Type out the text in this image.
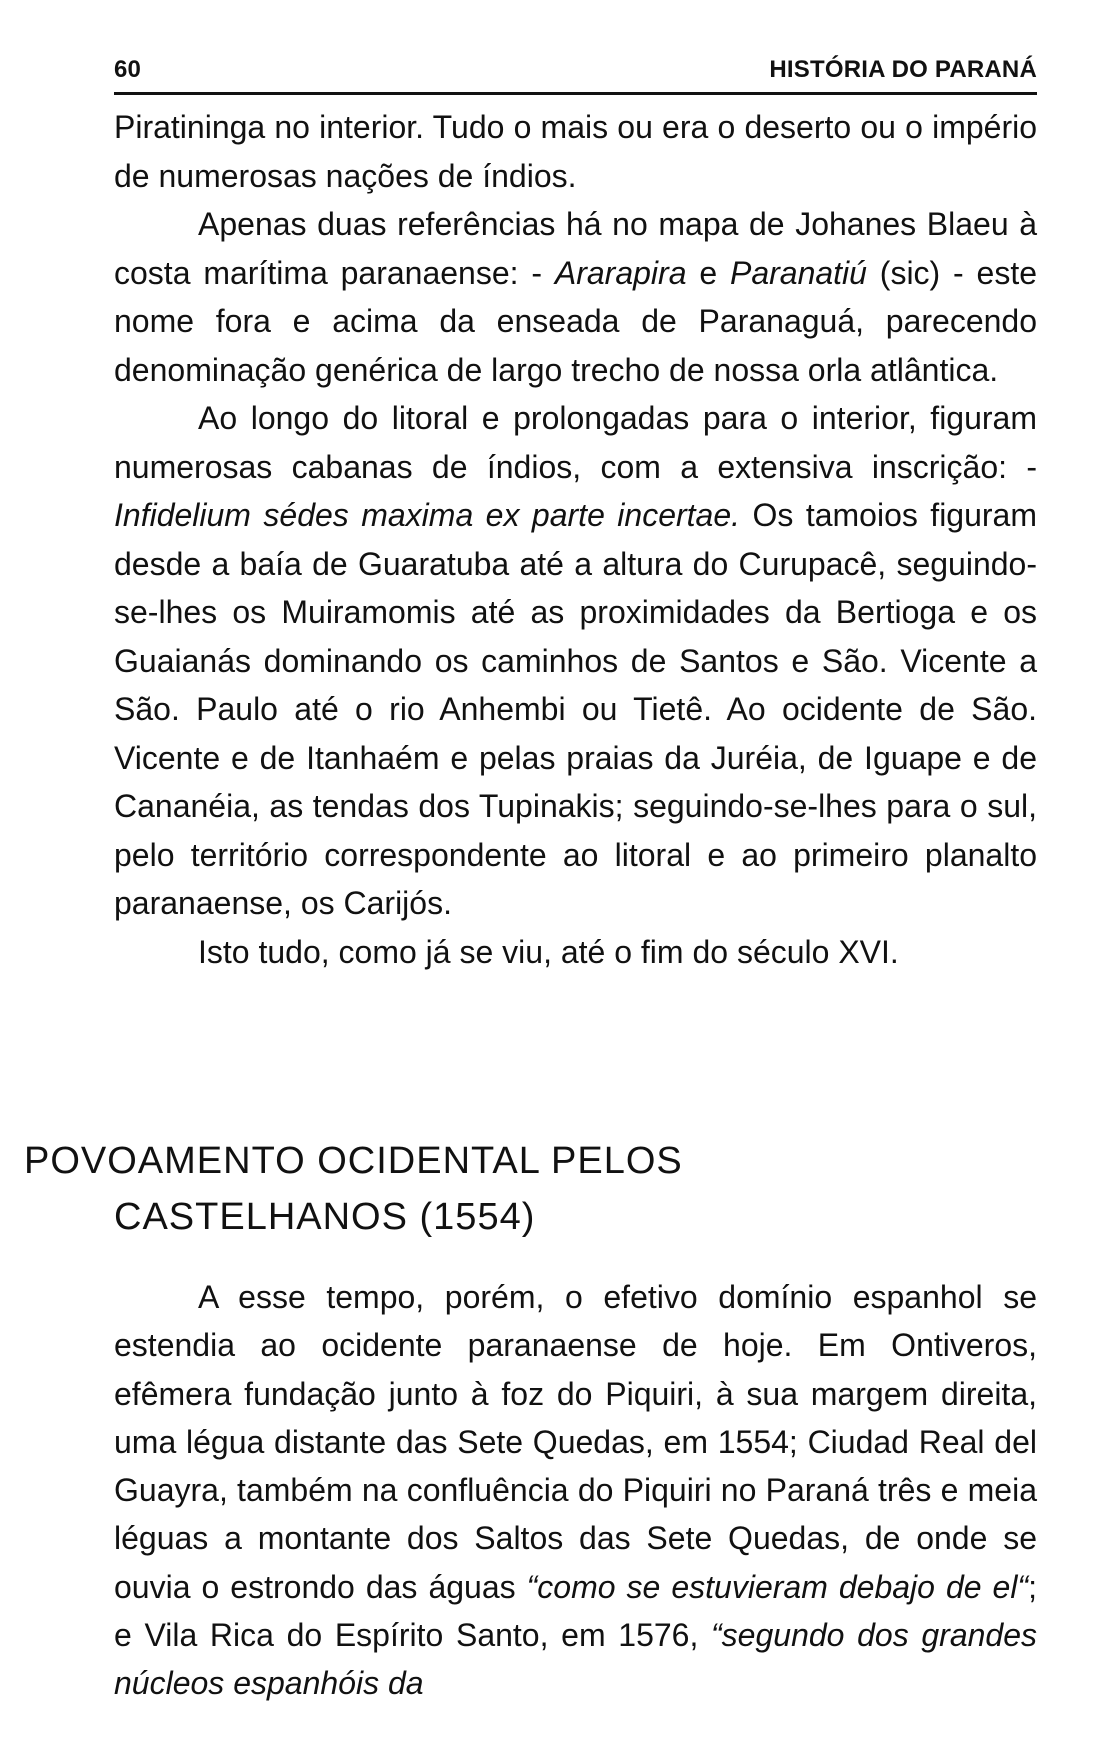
60	HISTÓRIA DO PARANÁ

Piratininga no interior. Tudo o mais ou era o deserto ou o império de numerosas nações de índios.

Apenas duas referências há no mapa de Johanes Blaeu à costa marítima paranaense: - Ararapira e Paranatiú (sic) - este nome fora e acima da enseada de Paranaguá, parecendo denominação genérica de largo trecho de nossa orla atlântica.

Ao longo do litoral e prolongadas para o interior, figuram numerosas cabanas de índios, com a extensiva inscrição: - Infidelium sédes maxima ex parte incertae. Os tamoios figuram desde a baía de Guaratuba até a altura do Curupacê, seguindo-se-lhes os Muiramomis até as proximidades da Bertioga e os Guaianás dominando os caminhos de Santos e São. Vicente a São. Paulo até o rio Anhembi ou Tietê. Ao ocidente de São. Vicente e de Itanhaém e pelas praias da Juréia, de Iguape e de Cananéia, as tendas dos Tupinakis; seguindo-se-lhes para o sul, pelo território correspondente ao litoral e ao primeiro planalto paranaense, os Carijós.

Isto tudo, como já se viu, até o fim do século XVI.

POVOAMENTO OCIDENTAL PELOS
CASTELHANOS (1554)

A esse tempo, porém, o efetivo domínio espanhol se estendia ao ocidente paranaense de hoje. Em Ontiveros, efêmera fundação junto à foz do Piquiri, à sua margem direita, uma légua distante das Sete Quedas, em 1554; Ciudad Real del Guayra, também na confluência do Piquiri no Paraná três e meia léguas a montante dos Saltos das Sete Quedas, de onde se ouvia o estrondo das águas “como se estuvieram debajo de el“; e Vila Rica do Espírito Santo, em 1576, “segundo dos grandes núcleos espanhóis da
